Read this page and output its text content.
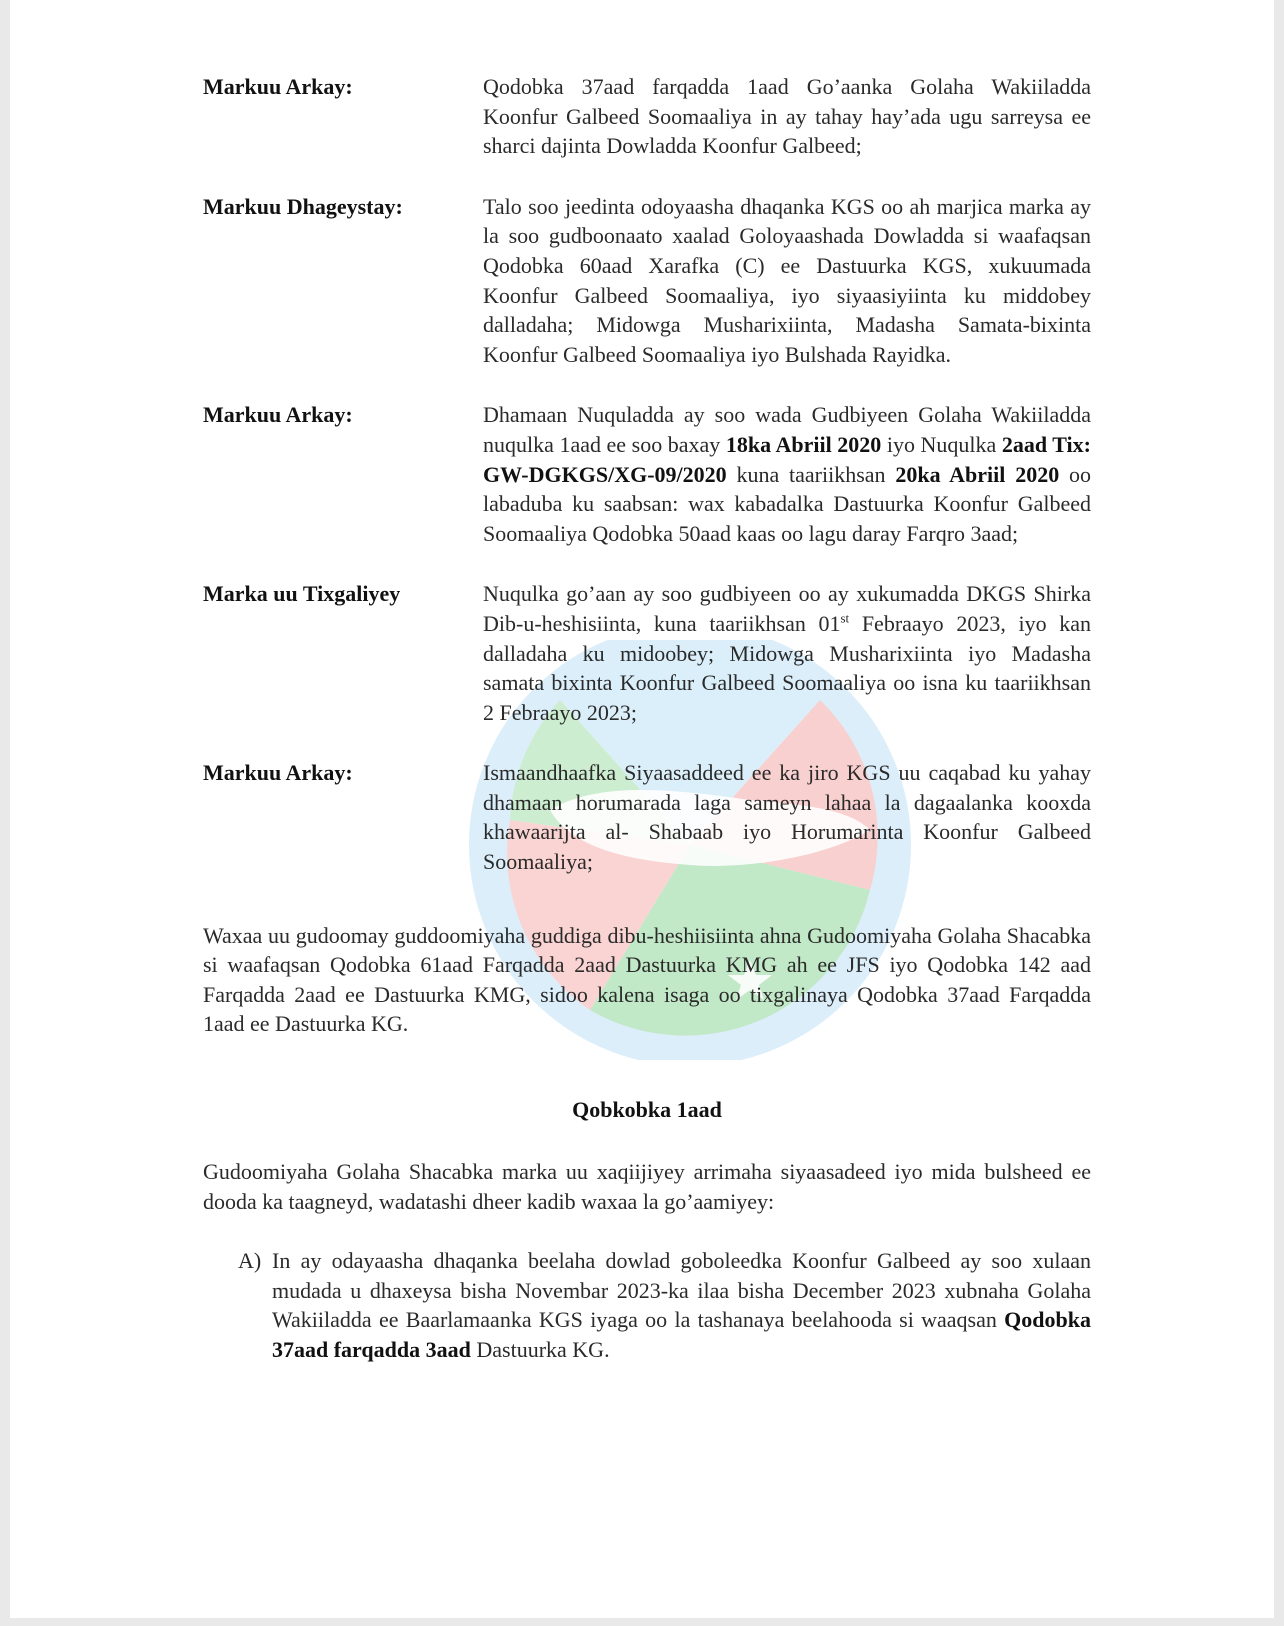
Markuu Arkay:	Qodobka 37aad farqadda 1aad Go’aanka Golaha Wakiiladda Koonfur Galbeed Soomaaliya in ay tahay hay’ada ugu sarreysa ee sharci dajinta Dowladda Koonfur Galbeed;
Markuu Dhageystay:	Talo soo jeedinta odoyaasha dhaqanka KGS oo ah marjica marka ay la soo gudboonaato xaalad Goloyaashada Dowladda si waafaqsan Qodobka 60aad Xarafka (C) ee Dastuurka KGS, xukuumada Koonfur Galbeed Soomaaliya, iyo siyaasiyiinta ku middobey dalladaha; Midowga Musharixiinta, Madasha Samata-bixinta Koonfur Galbeed Soomaaliya iyo Bulshada Rayidka.
Markuu Arkay:	Dhamaan Nuquladda ay soo wada Gudbiyeen Golaha Wakiiladda nuqulka 1aad ee soo baxay 18ka Abriil 2020 iyo Nuqulka 2aad Tix: GW-DGKGS/XG-09/2020 kuna taariikhsan 20ka Abriil 2020 oo labaduba ku saabsan: wax kabadalka Dastuurka Koonfur Galbeed Soomaaliya Qodobka 50aad kaas oo lagu daray Farqro 3aad;
Marka uu Tixgaliyey	Nuqulka go’aan ay soo gudbiyeen oo ay xukumadda DKGS Shirka Dib-u-heshisiinta, kuna taariikhsan 01st Febraayo 2023, iyo kan dalladaha ku midoobey; Midowga Musharixiinta iyo Madasha samata bixinta Koonfur Galbeed Soomaaliya oo isna ku taariikhsan 2 Febraayo 2023;
Markuu Arkay:	Ismaandhaafka Siyaasaddeed ee ka jiro KGS uu caqabad ku yahay dhamaan horumarada laga sameyn lahaa la dagaalanka kooxda khawaarijta al- Shabaab iyo Horumarinta Koonfur Galbeed Soomaaliya;

Waxaa uu gudoomay guddoomiyaha guddiga dibu-heshiisiinta ahna Gudoomiyaha Golaha Shacabka si waafaqsan Qodobka 61aad Farqadda 2aad Dastuurka KMG ah ee JFS iyo Qodobka 142 aad Farqadda 2aad ee Dastuurka KMG, sidoo kalena isaga oo tixgalinaya Qodobka 37aad Farqadda 1aad ee Dastuurka KG.

Qobkobka 1aad

Gudoomiyaha Golaha Shacabka marka uu xaqiijiyey arrimaha siyaasadeed iyo mida bulsheed ee dooda ka taagneyd, wadatashi dheer kadib waxaa la go’aamiyey:

A) In ay odayaasha dhaqanka beelaha dowlad goboleedka Koonfur Galbeed ay soo xulaan mudada u dhaxeysa bisha Novembar 2023-ka ilaa bisha December 2023 xubnaha Golaha Wakiiladda ee Baarlamaanka KGS iyaga oo la tashanaya beelahooda si waaqsan Qodobka 37aad farqadda 3aad Dastuurka KG.
